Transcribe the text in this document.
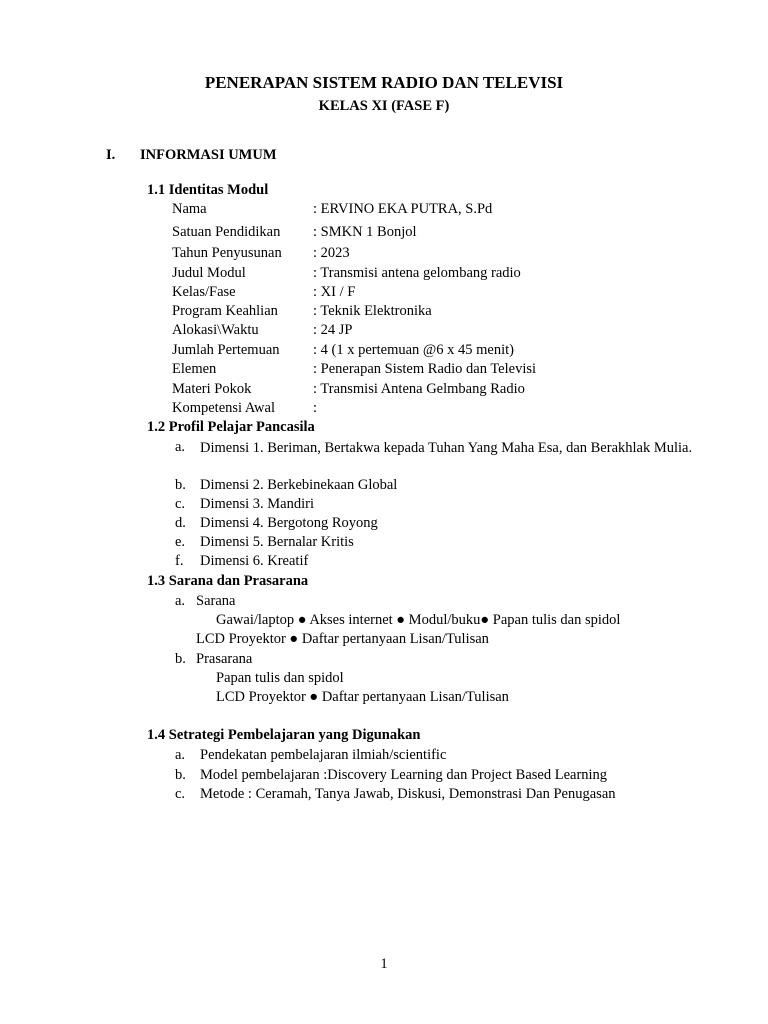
PENERAPAN SISTEM RADIO DAN TELEVISI
KELAS XI (FASE F)
I. INFORMASI UMUM
1.1 Identitas Modul
Nama	: ERVINO EKA PUTRA, S.Pd
Satuan Pendidikan : SMKN 1 Bonjol
Tahun Penyusunan : 2023
Judul Modul	: Transmisi antena gelombang radio
Kelas/Fase	: XI / F
Program Keahlian : Teknik Elektronika
Alokasi\Waktu	: 24 JP
Jumlah Pertemuan : 4 (1 x pertemuan @6 x 45 menit)
Elemen	: Penerapan Sistem Radio dan Televisi
Materi Pokok	: Transmisi Antena Gelmbang Radio
Kompetensi Awal	:
1.2 Profil Pelajar Pancasila
a. Dimensi 1. Beriman, Bertakwa kepada Tuhan Yang Maha Esa, dan Berakhlak Mulia.
b. Dimensi 2. Berkebinekaan Global
c. Dimensi 3. Mandiri
d. Dimensi 4. Bergotong Royong
e. Dimensi 5. Bernalar Kritis
f. Dimensi 6. Kreatif
1.3 Sarana dan Prasarana
a. Sarana
Gawai/laptop ● Akses internet ● Modul/buku● Papan tulis dan spidol
LCD Proyektor ● Daftar pertanyaan Lisan/Tulisan
b. Prasarana
Papan tulis dan spidol
LCD Proyektor ● Daftar pertanyaan Lisan/Tulisan
1.4 Setrategi Pembelajaran yang Digunakan
a. Pendekatan pembelajaran ilmiah/scientific
b. Model pembelajaran :Discovery Learning dan Project Based Learning
c. Metode : Ceramah, Tanya Jawab, Diskusi, Demonstrasi Dan Penugasan
1
